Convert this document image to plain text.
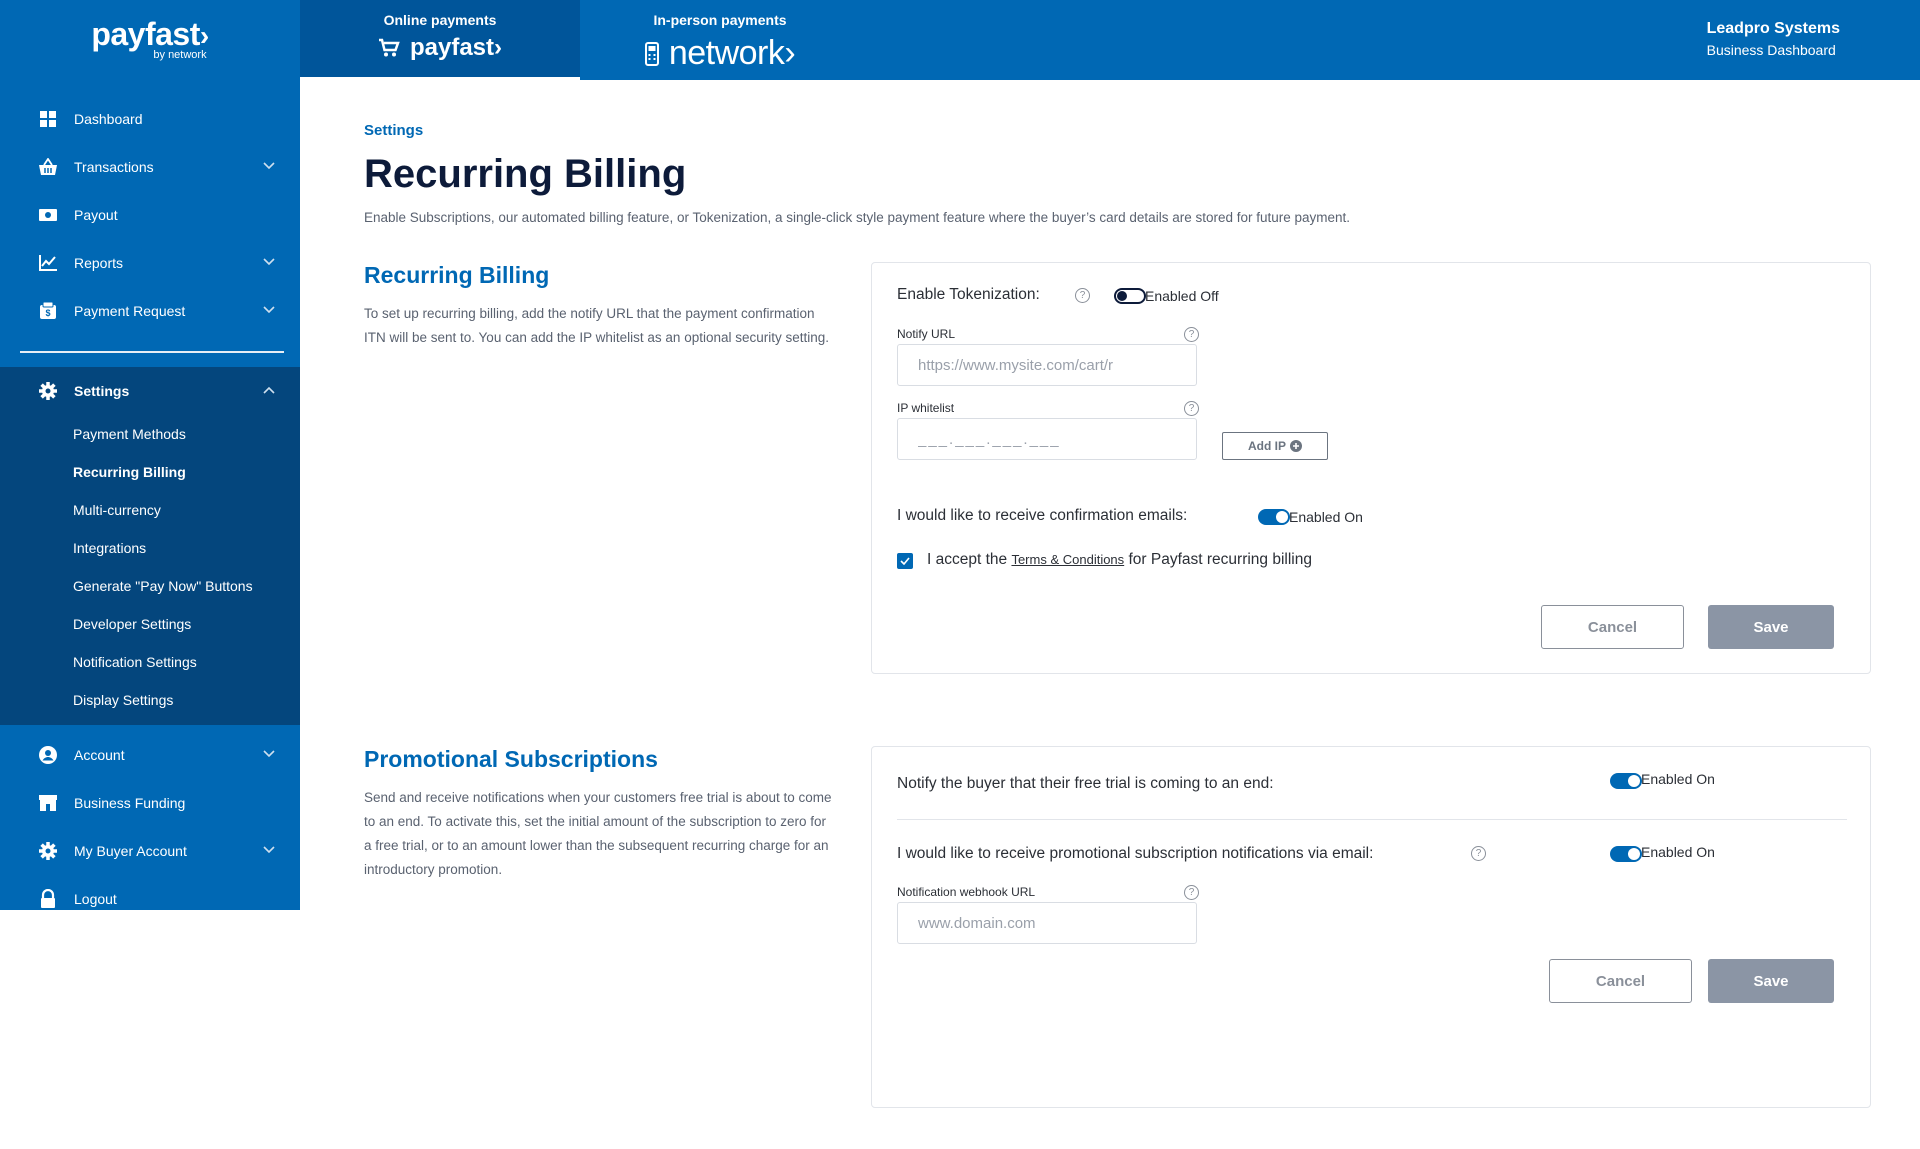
payfast›
by network
Online payments
payfast›
In-person payments
network›
Leadpro Systems
Business Dashboard
Dashboard
Transactions
Payout
Reports
$ Payment Request
Settings
Payment Methods
Recurring Billing
Multi-currency
Integrations
Generate "Pay Now" Buttons
Developer Settings
Notification Settings
Display Settings
Account
Business Funding
My Buyer Account
Logout
Settings
Recurring Billing

Enable Subscriptions, our automated billing feature, or Tokenization, a single-click style payment feature where the buyer’s card details are stored for future payment.

Recurring Billing

To set up recurring billing, add the notify URL that the payment confirmation ITN will be sent to. You can add the IP whitelist as an optional security setting.

Enable Tokenization:	?	Enabled Off
Notify URL	?
https://www.mysite.com/cart/r
IP whitelist	?
___.___.___.___
Add IP
I would like to receive confirmation emails:	Enabled On
I accept the Terms & Conditions for Payfast recurring billing
Cancel	Save
Promotional Subscriptions

Send and receive notifications when your customers free trial is about to come to an end. To activate this, set the initial amount of the subscription to zero for a free trial, or to an amount lower than the subsequent recurring charge for an introductory promotion.

Notify the buyer that their free trial is coming to an end:	Enabled On
I would like to receive promotional subscription notifications via email:	?	Enabled On
Notification webhook URL	?
www.domain.com
Cancel	Save
